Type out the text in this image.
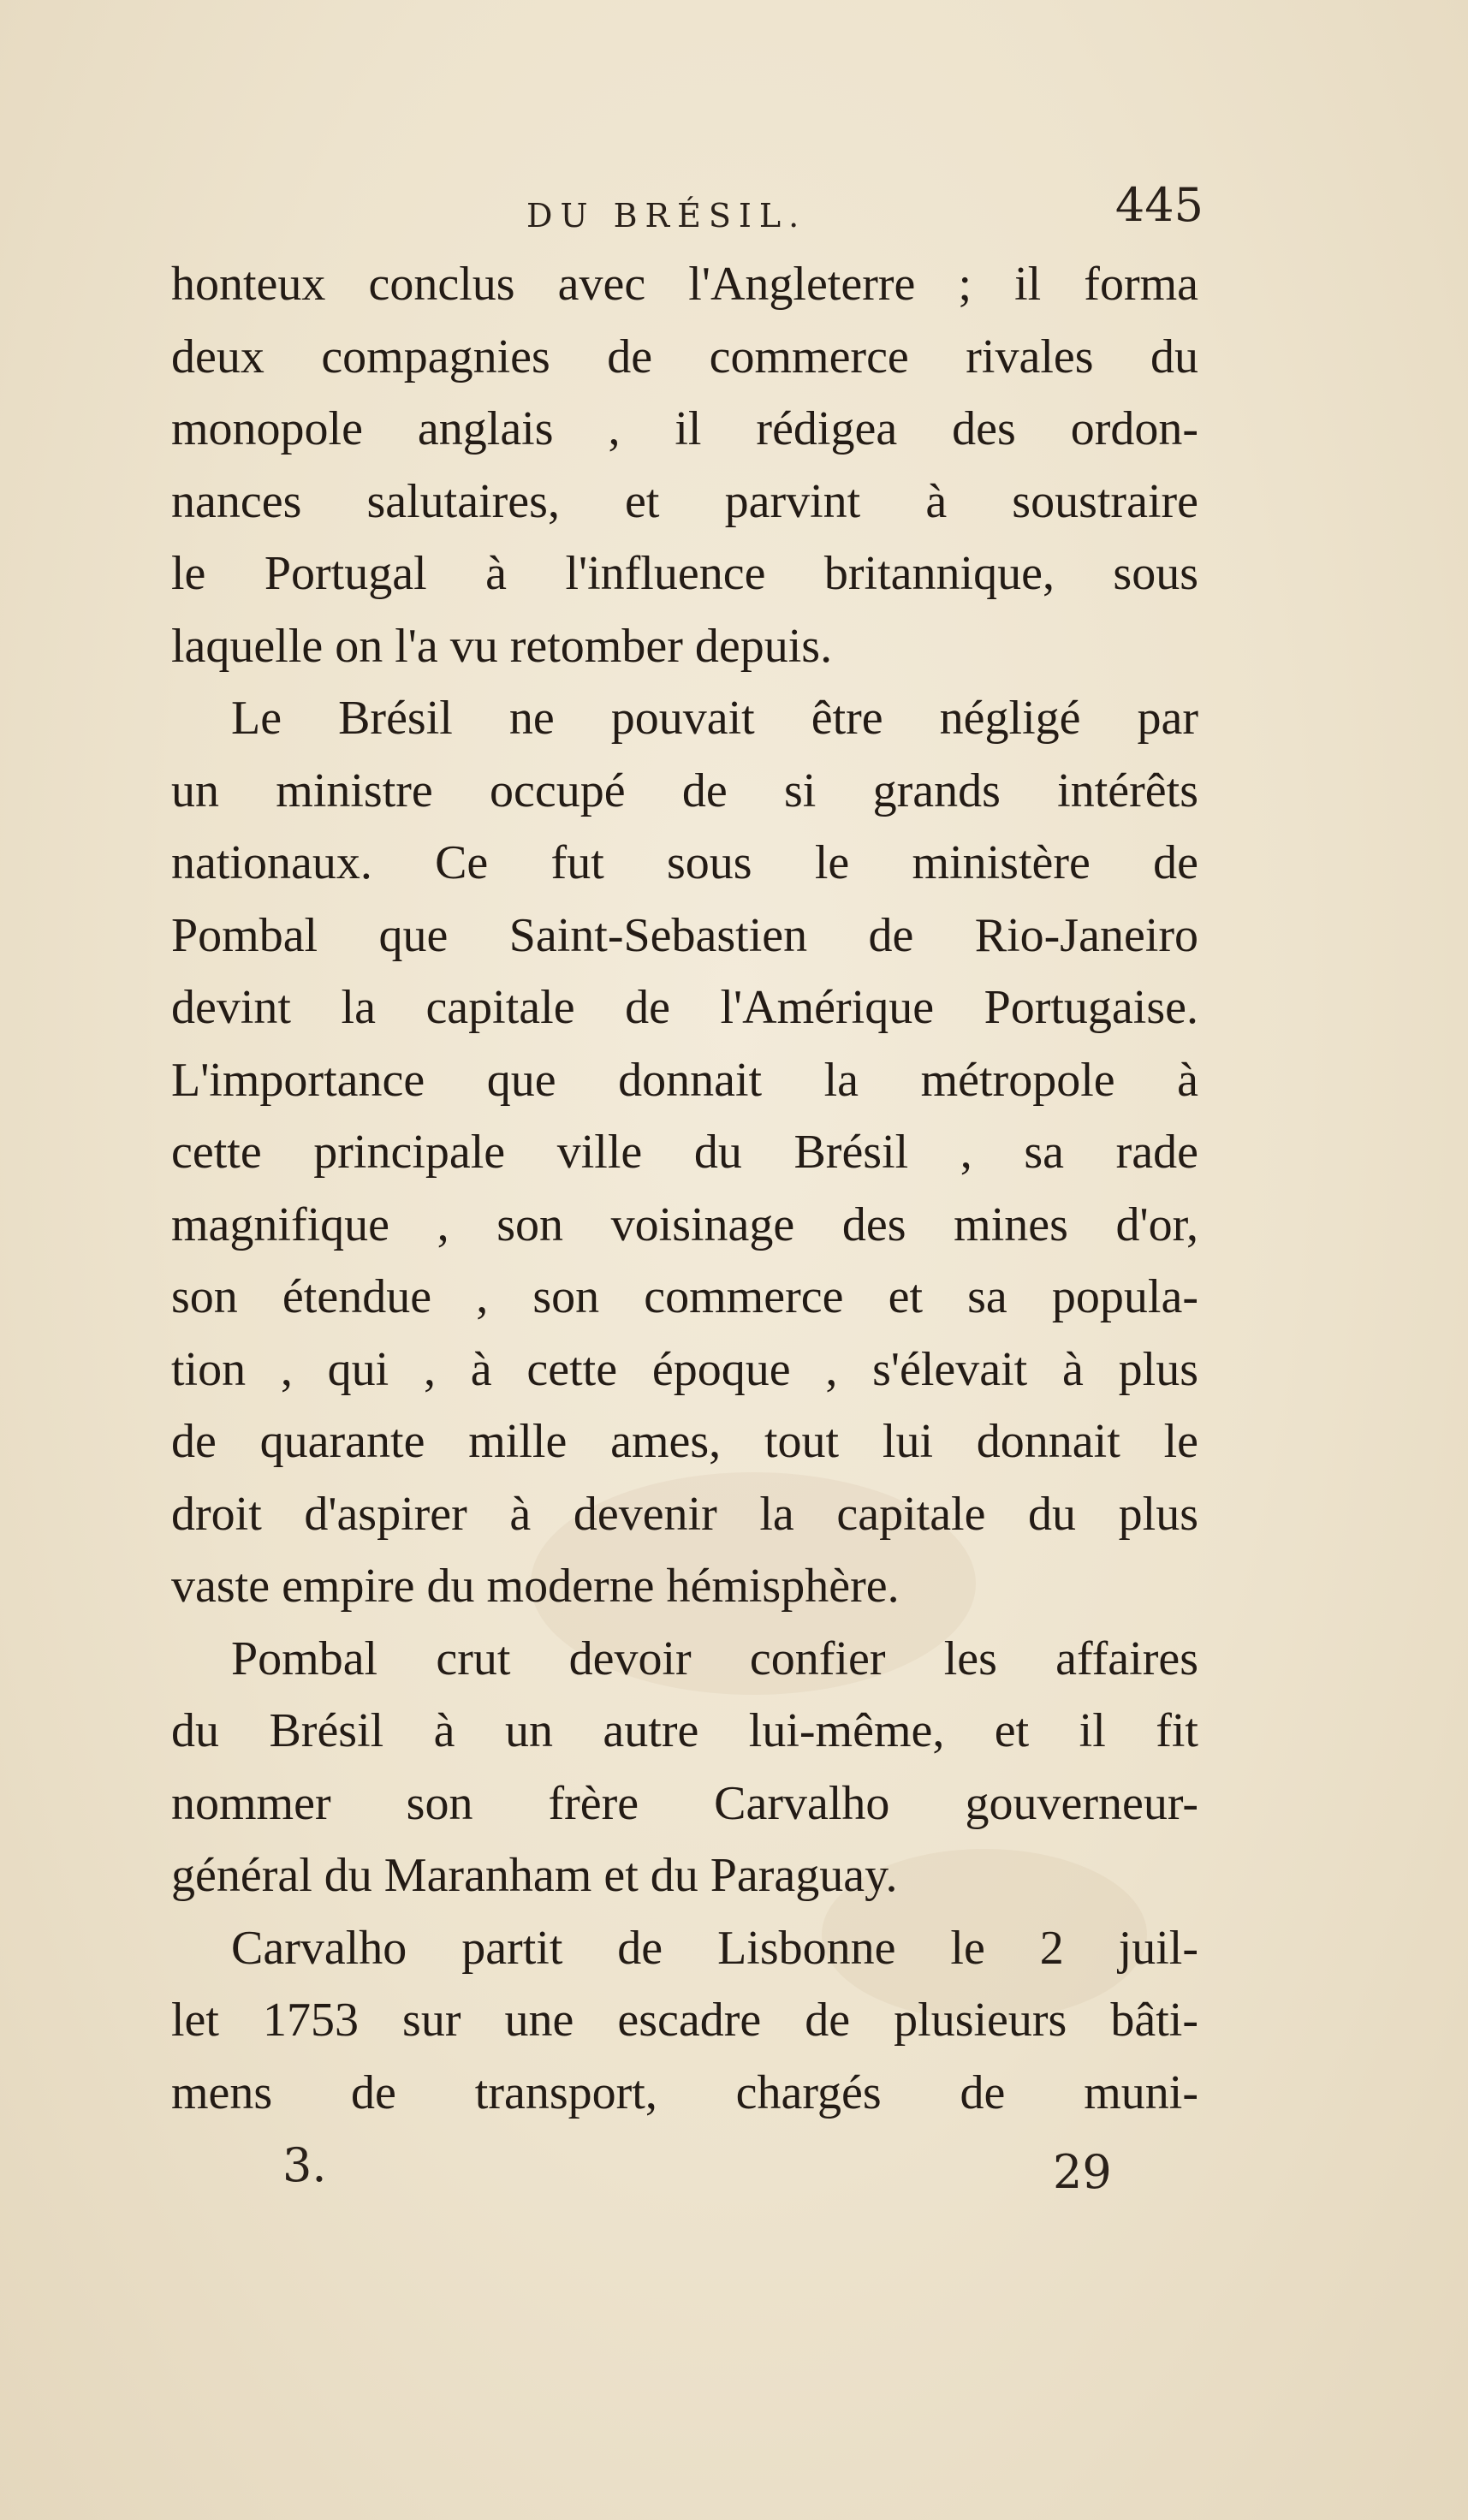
DU BRÉSIL.	445
honteux conclus avec l'Angleterre ; il forma
deux compagnies de commerce rivales du
monopole anglais , il rédigea des ordon-
nances salutaires, et parvint à soustraire
le Portugal à l'influence britannique, sous
laquelle on l'a vu retomber depuis.
Le Brésil ne pouvait être négligé par
un ministre occupé de si grands intérêts
nationaux. Ce fut sous le ministère de
Pombal que Saint-Sebastien de Rio-Janeiro
devint la capitale de l'Amérique Portugaise.
L'importance que donnait la métropole à
cette principale ville du Brésil , sa rade
magnifique , son voisinage des mines d'or,
son étendue , son commerce et sa popula-
tion , qui , à cette époque , s'élevait à plus
de quarante mille ames, tout lui donnait le
droit d'aspirer à devenir la capitale du plus
vaste empire du moderne hémisphère.
Pombal crut devoir confier les affaires
du Brésil à un autre lui-même, et il fit
nommer son frère Carvalho gouverneur-
général du Maranham et du Paraguay.
Carvalho partit de Lisbonne le 2 juil-
let 1753 sur une escadre de plusieurs bâti-
mens de transport, chargés de muni-
3.	29
